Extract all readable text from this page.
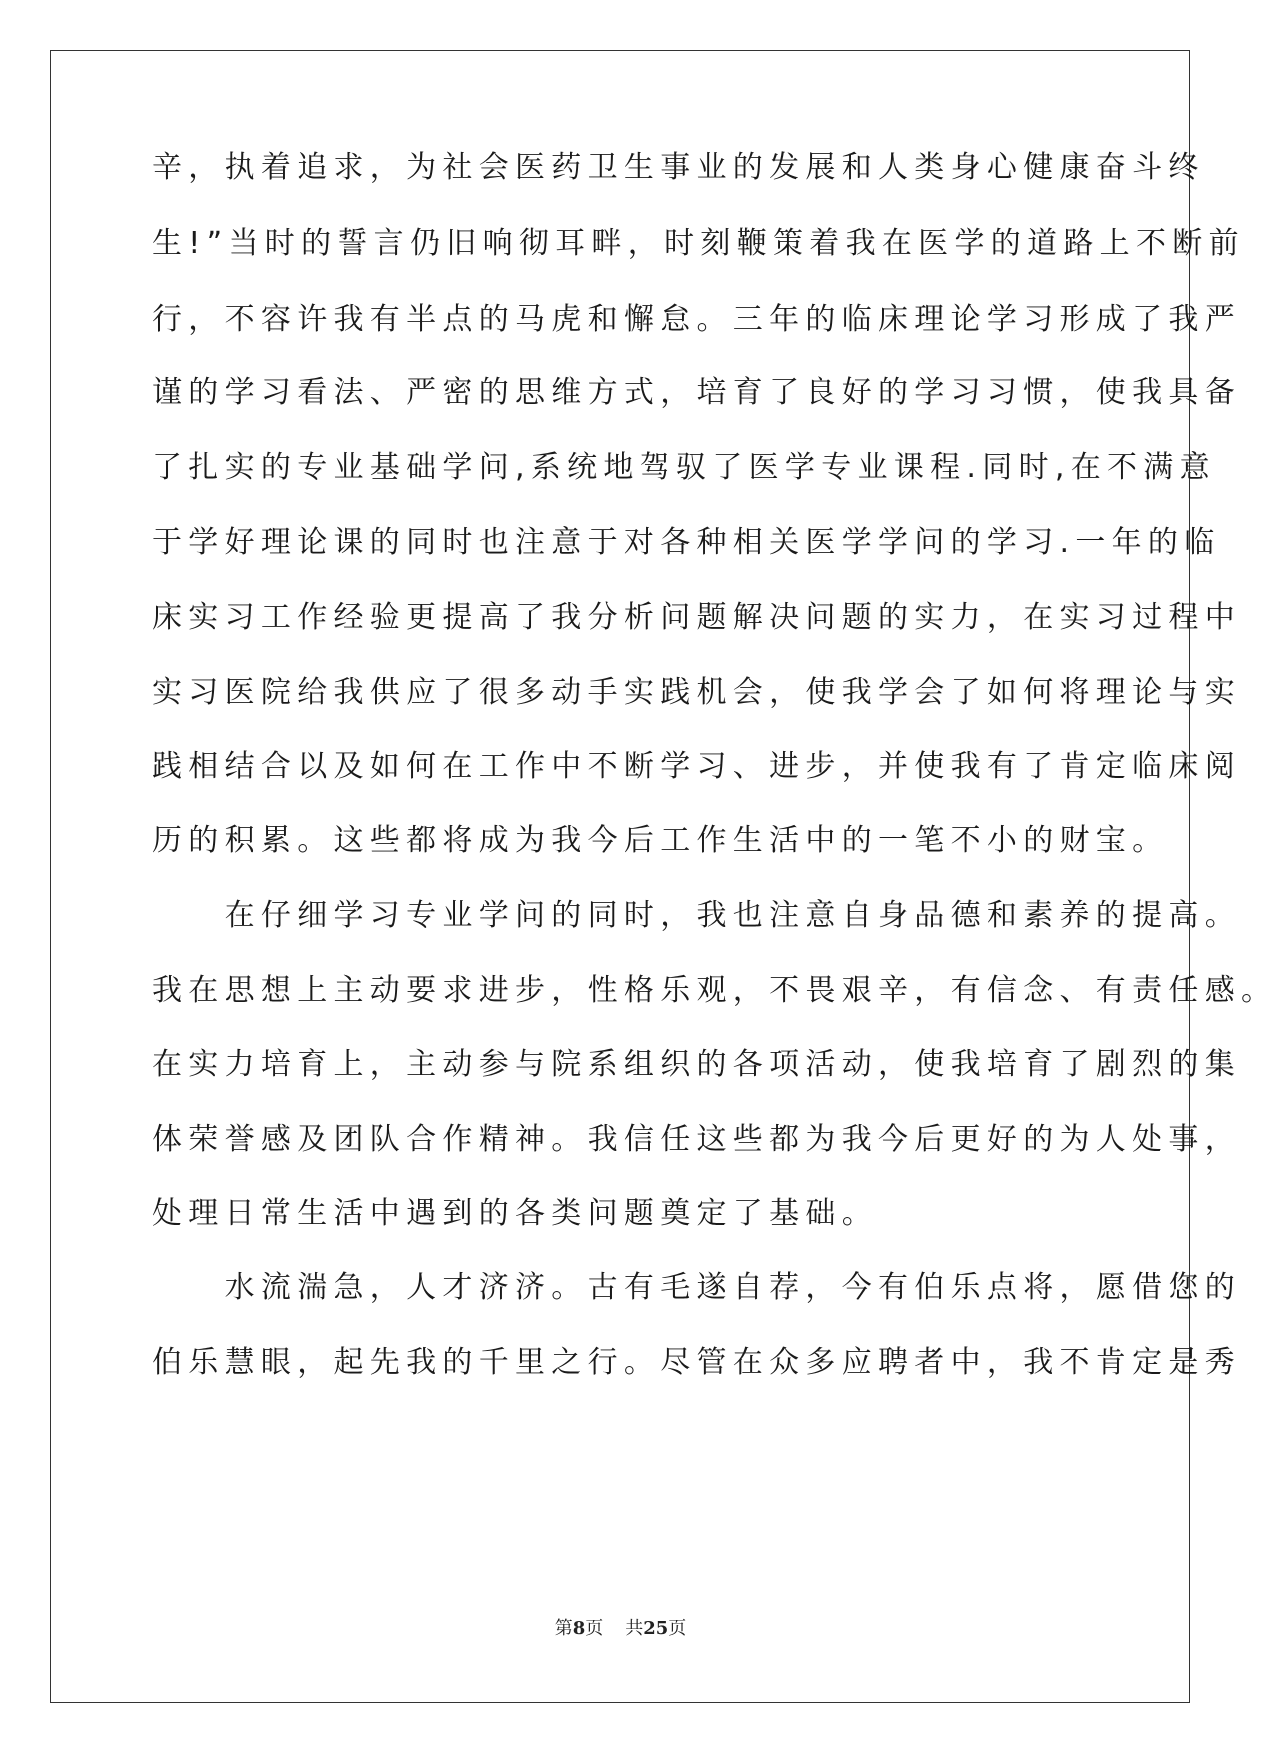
辛，执着追求，为社会医药卫生事业的发展和人类身心健康奋斗终
生!”当时的誓言仍旧响彻耳畔，时刻鞭策着我在医学的道路上不断前
行，不容许我有半点的马虎和懈怠。三年的临床理论学习形成了我严
谨的学习看法、严密的思维方式，培育了良好的学习习惯，使我具备
了扎实的专业基础学问,系统地驾驭了医学专业课程.同时,在不满意
于学好理论课的同时也注意于对各种相关医学学问的学习.一年的临
床实习工作经验更提高了我分析问题解决问题的实力，在实习过程中
实习医院给我供应了很多动手实践机会，使我学会了如何将理论与实
践相结合以及如何在工作中不断学习、进步，并使我有了肯定临床阅
历的积累。这些都将成为我今后工作生活中的一笔不小的财宝。
　　在仔细学习专业学问的同时，我也注意自身品德和素养的提高。
我在思想上主动要求进步，性格乐观，不畏艰辛，有信念、有责任感。
在实力培育上，主动参与院系组织的各项活动，使我培育了剧烈的集
体荣誉感及团队合作精神。我信任这些都为我今后更好的为人处事，
处理日常生活中遇到的各类问题奠定了基础。
　　水流湍急，人才济济。古有毛遂自荐，今有伯乐点将，愿借您的
伯乐慧眼，起先我的千里之行。尽管在众多应聘者中，我不肯定是秀
第8页 共25页
